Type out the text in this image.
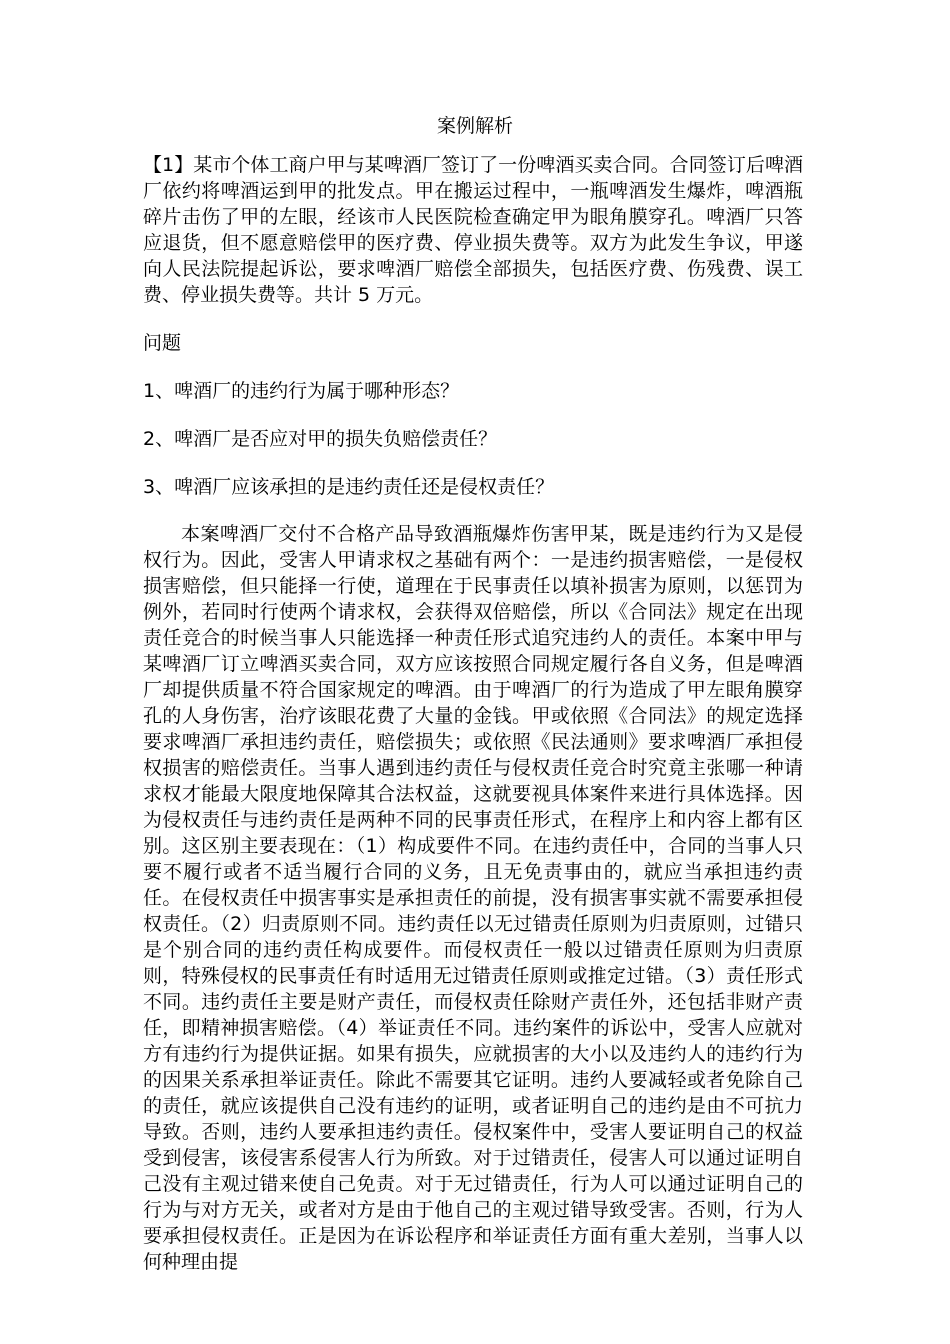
案例解析
【1】某市个体工商户甲与某啤酒厂签订了一份啤酒买卖合同。合同签订后啤酒厂依约将啤酒运到甲的批发点。甲在搬运过程中，一瓶啤酒发生爆炸，啤酒瓶碎片击伤了甲的左眼，经该市人民医院检查确定甲为眼角膜穿孔。啤酒厂只答应退货，但不愿意赔偿甲的医疗费、停业损失费等。双方为此发生争议，甲遂向人民法院提起诉讼，要求啤酒厂赔偿全部损失，包括医疗费、伤残费、误工费、停业损失费等。共计 5 万元。
问题
1、啤酒厂的违约行为属于哪种形态？
2、啤酒厂是否应对甲的损失负赔偿责任？
3、啤酒厂应该承担的是违约责任还是侵权责任？
本案啤酒厂交付不合格产品导致酒瓶爆炸伤害甲某，既是违约行为又是侵权行为。因此，受害人甲请求权之基础有两个：一是违约损害赔偿，一是侵权损害赔偿，但只能择一行使，道理在于民事责任以填补损害为原则，以惩罚为例外，若同时行使两个请求权，会获得双倍赔偿，所以《合同法》规定在出现责任竞合的时候当事人只能选择一种责任形式追究违约人的责任。本案中甲与某啤酒厂订立啤酒买卖合同，双方应该按照合同规定履行各自义务，但是啤酒厂却提供质量不符合国家规定的啤酒。由于啤酒厂的行为造成了甲左眼角膜穿孔的人身伤害，治疗该眼花费了大量的金钱。甲或依照《合同法》的规定选择要求啤酒厂承担违约责任，赔偿损失；或依照《民法通则》要求啤酒厂承担侵权损害的赔偿责任。当事人遇到违约责任与侵权责任竞合时究竟主张哪一种请求权才能最大限度地保障其合法权益，这就要视具体案件来进行具体选择。因为侵权责任与违约责任是两种不同的民事责任形式，在程序上和内容上都有区别。这区别主要表现在：（1）构成要件不同。在违约责任中，合同的当事人只要不履行或者不适当履行合同的义务，且无免责事由的，就应当承担违约责任。在侵权责任中损害事实是承担责任的前提，没有损害事实就不需要承担侵权责任。（2）归责原则不同。违约责任以无过错责任原则为归责原则，过错只是个别合同的违约责任构成要件。而侵权责任一般以过错责任原则为归责原则，特殊侵权的民事责任有时适用无过错责任原则或推定过错。（3）责任形式不同。违约责任主要是财产责任，而侵权责任除财产责任外，还包括非财产责任，即精神损害赔偿。（4）举证责任不同。违约案件的诉讼中，受害人应就对方有违约行为提供证据。如果有损失，应就损害的大小以及违约人的违约行为的因果关系承担举证责任。除此不需要其它证明。违约人要减轻或者免除自己的责任，就应该提供自己没有违约的证明，或者证明自己的违约是由不可抗力导致。否则，违约人要承担违约责任。侵权案件中，受害人要证明自己的权益受到侵害，该侵害系侵害人行为所致。对于过错责任，侵害人可以通过证明自己没有主观过错来使自己免责。对于无过错责任，行为人可以通过证明自己的行为与对方无关，或者对方是由于他自己的主观过错导致受害。否则，行为人要承担侵权责任。正是因为在诉讼程序和举证责任方面有重大差别，当事人以何种理由提
